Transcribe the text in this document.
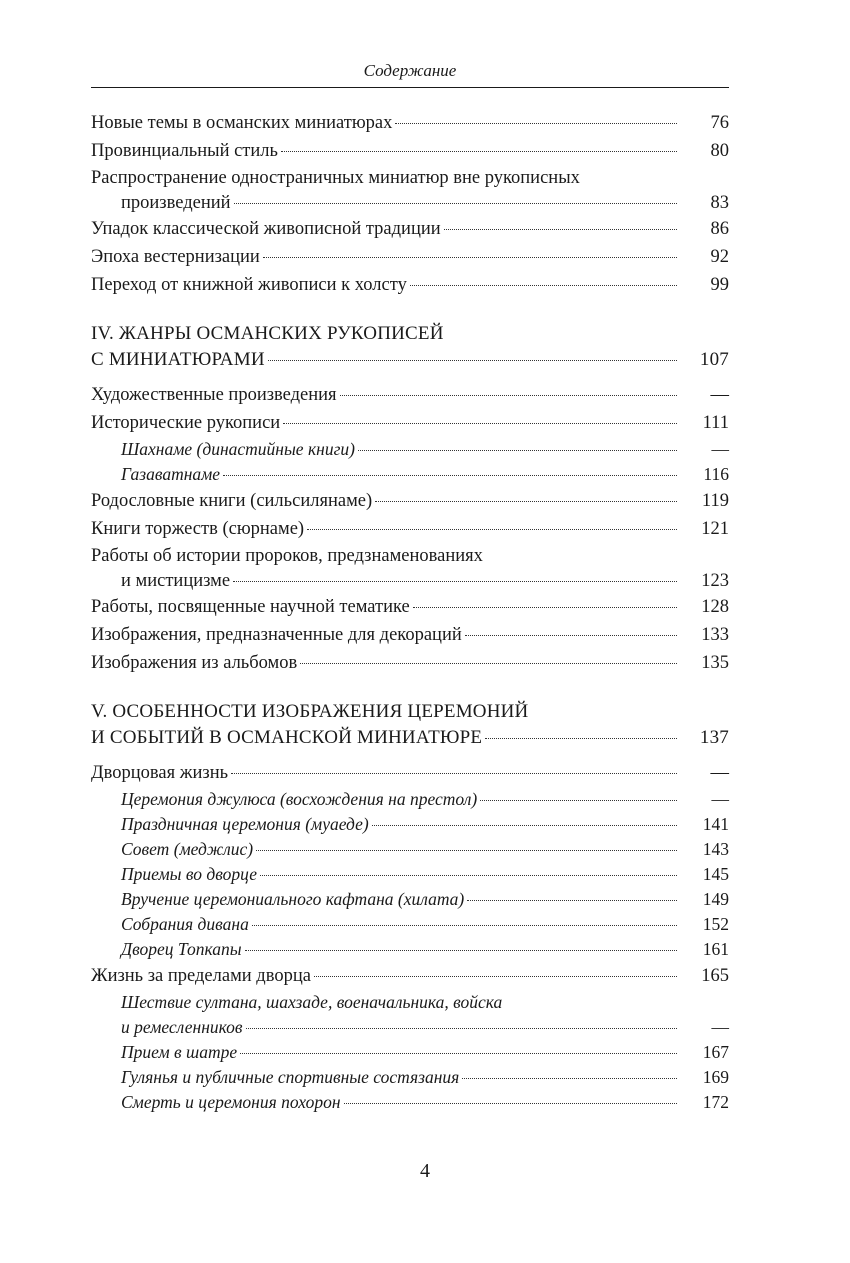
Содержание
Новые темы в османских миниатюрах	76
Провинциальный стиль	80
Распространение одностраничных миниатюр вне рукописных
произведений	83
Упадок классической живописной традиции	86
Эпоха вестернизации	92
Переход от книжной живописи к холсту	99
IV. ЖАНРЫ ОСМАНСКИХ РУКОПИСЕЙ
С МИНИАТЮРАМИ	107
Художественные произведения	—
Исторические рукописи	111
Шахнаме (династийные книги)	—
Газаватнаме	116
Родословные книги (сильсилянаме)	119
Книги торжеств (сюрнаме)	121
Работы об истории пророков, предзнаменованиях
и мистицизме	123
Работы, посвященные научной тематике	128
Изображения, предназначенные для декораций	133
Изображения из альбомов	135
V. ОСОБЕННОСТИ ИЗОБРАЖЕНИЯ ЦЕРЕМОНИЙ
И СОБЫТИЙ В ОСМАНСКОЙ МИНИАТЮРЕ	137
Дворцовая жизнь	—
Церемония джулюса (восхождения на престол)	—
Праздничная церемония (муаеде)	141
Совет (меджлис)	143
Приемы во дворце	145
Вручение церемониального кафтана (хилата)	149
Собрания дивана	152
Дворец Топкапы	161
Жизнь за пределами дворца	165
Шествие султана, шахзаде, военачальника, войска
и ремесленников	—
Прием в шатре	167
Гулянья и публичные спортивные состязания	169
Смерть и церемония похорон	172
4
